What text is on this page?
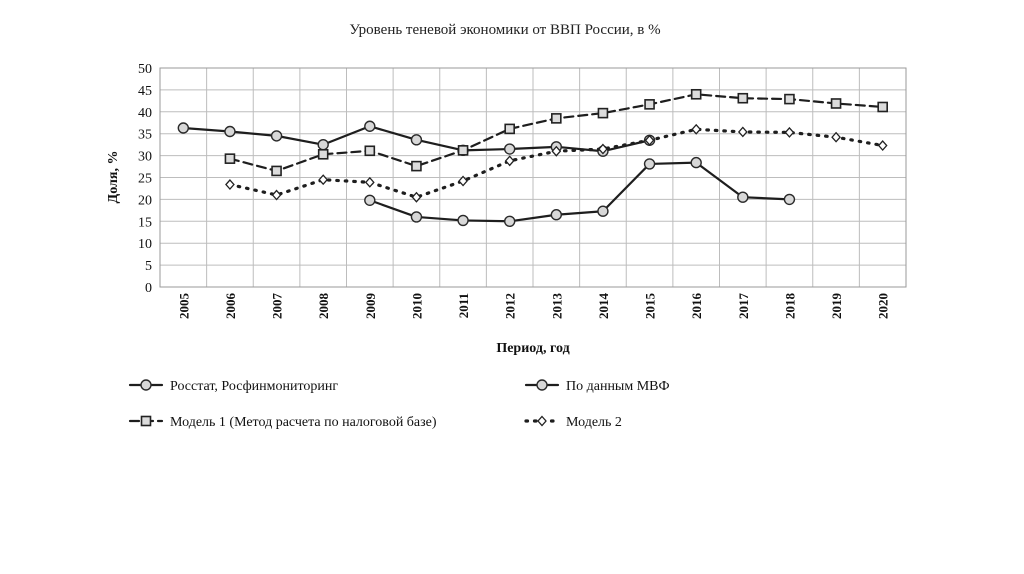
Уровень теневой экономики от ВВП России, в %
0
5
10
15
20
25
30
35
40
45
50
2005 2006 2007 2008 2009 2010 2011 2012 2013 2014 2015 2016 2017 2018 2019 2020
Доля, %
Период, год
Росстат, Росфинмониторинг	По данным МВФ
Модель 1 (Метод расчета по налоговой базе)	Модель 2
